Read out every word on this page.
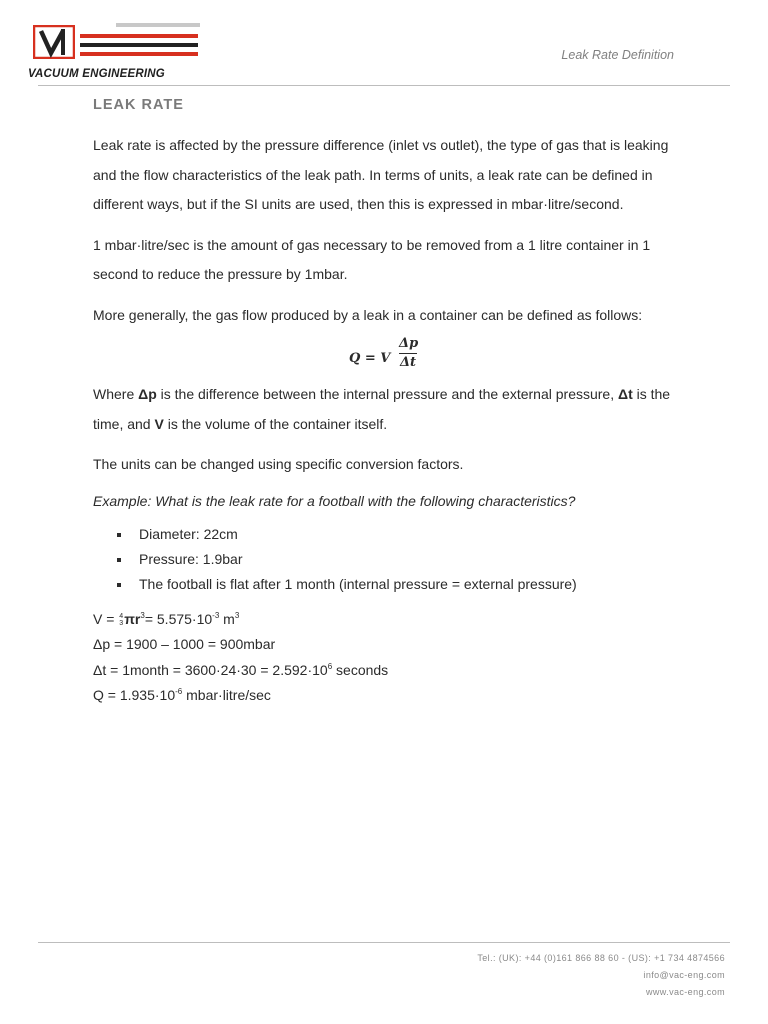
VACUUM ENGINEERING
Leak Rate Definition
LEAK RATE

Leak rate is affected by the pressure difference (inlet vs outlet), the type of gas that is leaking and the flow characteristics of the leak path. In terms of units, a leak rate can be defined in different ways, but if the SI units are used, then this is expressed in mbar·litre/second.

1 mbar·litre/sec is the amount of gas necessary to be removed from a 1 litre container in 1 second to reduce the pressure by 1mbar.

More generally, the gas flow produced by a leak in a container can be defined as follows:

Q = V $\frac{\Delta p}{\Delta t}$

Where Δp is the difference between the internal pressure and the external pressure, Δt is the time, and V is the volume of the container itself.

The units can be changed using specific conversion factors.

Example: What is the leak rate for a football with the following characteristics?

Diameter: 22cm
Pressure: 1.9bar
The football is flat after 1 month (internal pressure = external pressure)
V = 4
3 $\pi r^3= 5.575\cdot 10^{-3}$ $m^3$
Δp = 1900 – 1000 = 900mbar
Δt = 1month = $3600\cdot 24\cdot 30 = 2.592\cdot 10^6$ seconds
$Q = 1.935\cdot 10^{-6}$ mbar·litre/sec
Tel.: (UK): +44 (0)161 866 88 60 - (US): +1 734 4874566
info@vac-eng.com
www.vac-eng.com
